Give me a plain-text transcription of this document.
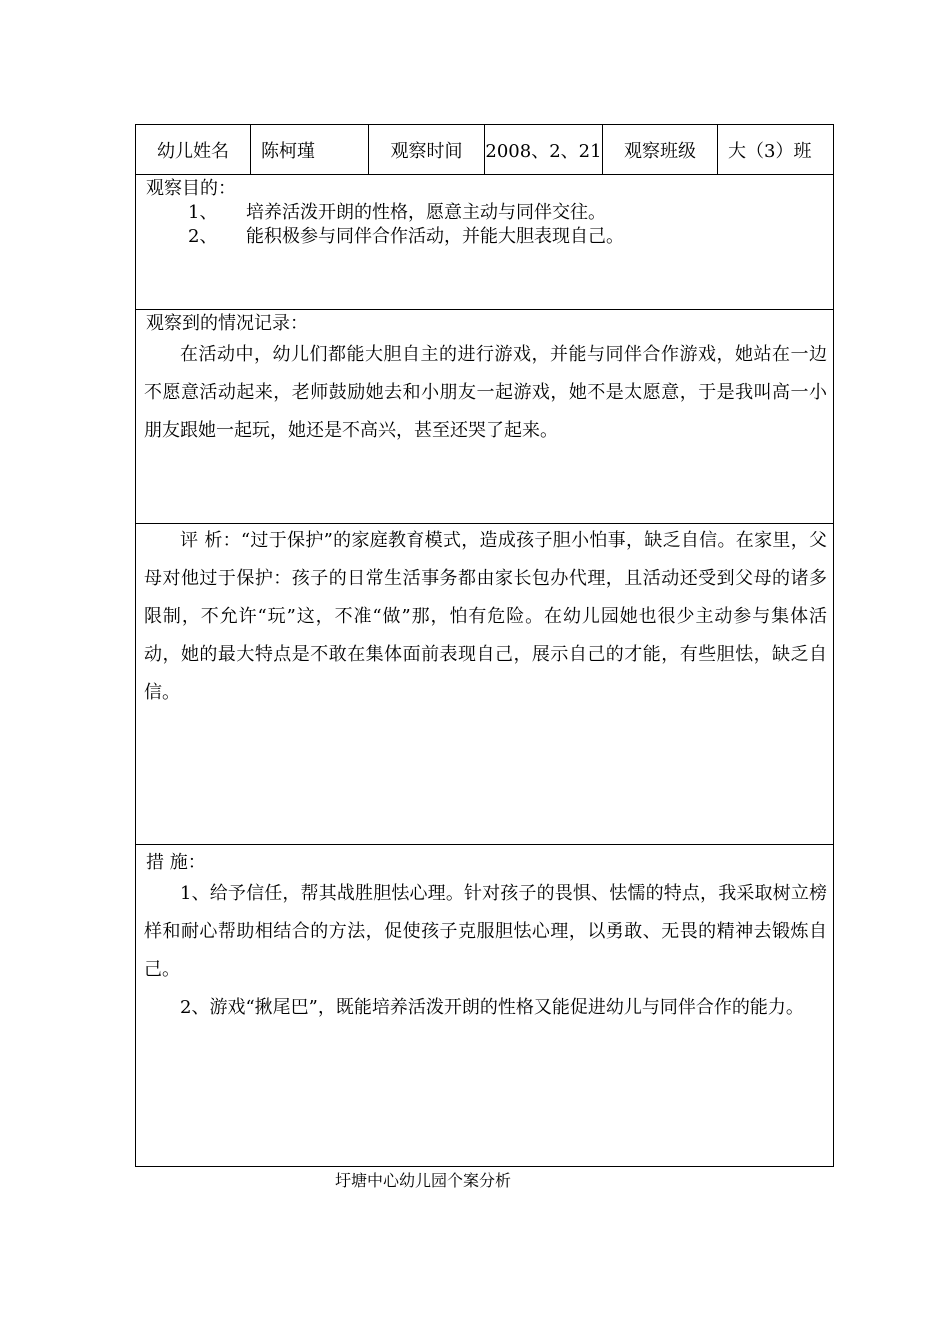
幼儿姓名	陈柯瑾	观察时间	2008、2、21	观察班级	大（3）班

观察目的：
1、	培养活泼开朗的性格，愿意主动与同伴交往。
2、	能积极参与同伴合作活动，并能大胆表现自己。

观察到的情况记录：
在活动中，幼儿们都能大胆自主的进行游戏，并能与同伴合作游戏，她站在一边不愿意活动起来，老师鼓励她去和小朋友一起游戏，她不是太愿意，于是我叫高一小朋友跟她一起玩，她还是不高兴，甚至还哭了起来。

评 析：“过于保护”的家庭教育模式，造成孩子胆小怕事，缺乏自信。在家里，父母对他过于保护：孩子的日常生活事务都由家长包办代理，且活动还受到父母的诸多限制，不允许“玩”这，不准“做”那，怕有危险。在幼儿园她也很少主动参与集体活动，她的最大特点是不敢在集体面前表现自己，展示自己的才能，有些胆怯，缺乏自信。

措 施：
1、给予信任，帮其战胜胆怯心理。针对孩子的畏惧、怯懦的特点，我采取树立榜样和耐心帮助相结合的方法，促使孩子克服胆怯心理，以勇敢、无畏的精神去锻炼自己。
2、游戏“揪尾巴”，既能培养活泼开朗的性格又能促进幼儿与同伴合作的能力。
圩塘中心幼儿园个案分析
